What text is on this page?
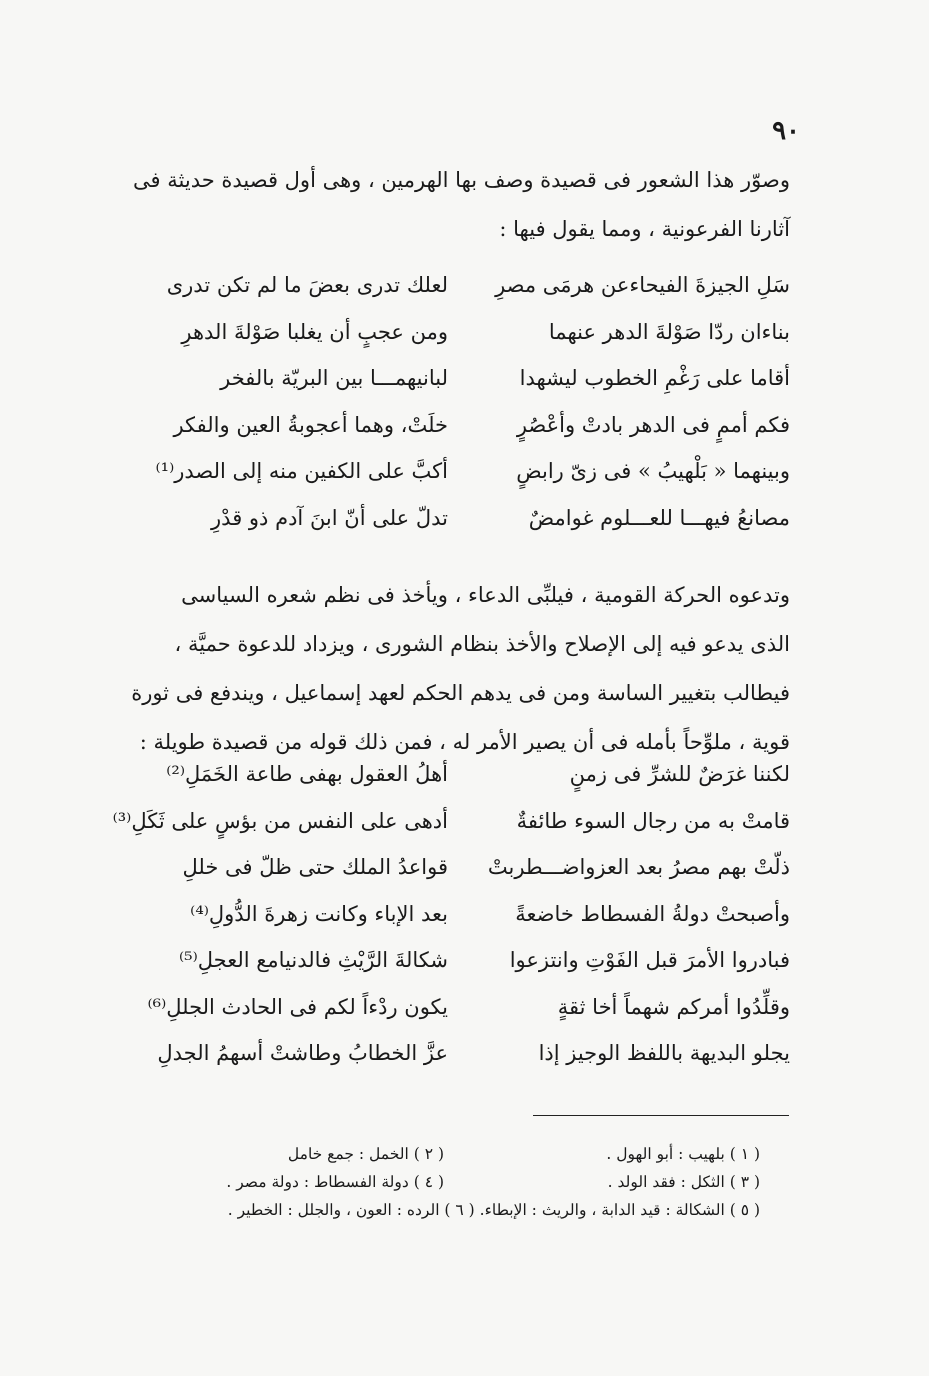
٩٠

وصوّر هذا الشعور فى قصيدة وصف بها الهرمين ، وهى أول قصيدة حديثة فى

آثارنا الفرعونية ، ومما يقول فيها :

سَلِ الجيزةَ الفيحاءعن هرمَى مصرِ
لعلك تدرى بعضَ ما لم تكن تدرى
بناءان ردّا صَوْلةَ الدهر عنهما
ومن عجبٍ أن يغلبا صَوْلةَ الدهرِ
أقاما على رَغْمِ الخطوب ليشهدا
لبانيهمـــا بين البريّة بالفخر
فكم أممٍ فى الدهر بادتْ وأعْصُرٍ
خلَتْ، وهما أعجوبةُ العين والفكر
وبينهما « بَلْهيبُ » فى زىّ رابضٍ
أكبَّ على الكفين منه إلى الصدر⁽¹⁾
مصانعُ فيهـــا للعـــلوم غوامضٌ
تدلّ على أنّ ابنَ آدم ذو قدْرِ

وتدعوه الحركة القومية ، فيلبِّى الدعاء ، ويأخذ فى نظم شعره السياسى

الذى يدعو فيه إلى الإصلاح والأخذ بنظام الشورى ، ويزداد للدعوة حميَّة ،

فيطالب بتغيير الساسة ومن فى يدهم الحكم لعهد إسماعيل ، ويندفع فى ثورة

قوية ، ملوِّحاً بأمله فى أن يصير الأمر له ، فمن ذلك قوله من قصيدة طويلة :

لكننا غرَضٌ للشرِّ فى زمنٍ
أهلُ العقول بهفى طاعة الخَمَلِ⁽²⁾
قامتْ به من رجال السوء طائفةٌ
أدهى على النفس من بؤسٍ على ثَكَلِ⁽³⁾
ذلّتْ بهم مصرُ بعد العزواضـــطربتْ
قواعدُ الملك حتى ظلّ فى خللِ
وأصبحتْ دولةُ الفسطاط خاضعةً
بعد الإباء وكانت زهرةَ الدُّولِ⁽⁴⁾
فبادروا الأمرَ قبل الفَوْتِ وانتزعوا
شكالةَ الرَّيْثِ فالدنيامع العجلِ⁽⁵⁾
وقلِّدُوا أمركم شهماً أخا ثقةٍ
يكون ردْءاً لكم فى الحادث الجللِ⁽⁶⁾
يجلو البديهة باللفظ الوجيز إذا
عزَّ الخطابُ وطاشتْ أسهمُ الجدلِ
( ١ ) بلهيب : أبو الهول .
( ٢ ) الخمل : جمع خامل
( ٣ ) الثكل : فقد الولد .
( ٤ ) دولة الفسطاط : دولة مصر .
( ٥ ) الشكالة : قيد الدابة ، والريث : الإبطاء. ( ٦ ) الرده : العون ، والجلل : الخطير .
